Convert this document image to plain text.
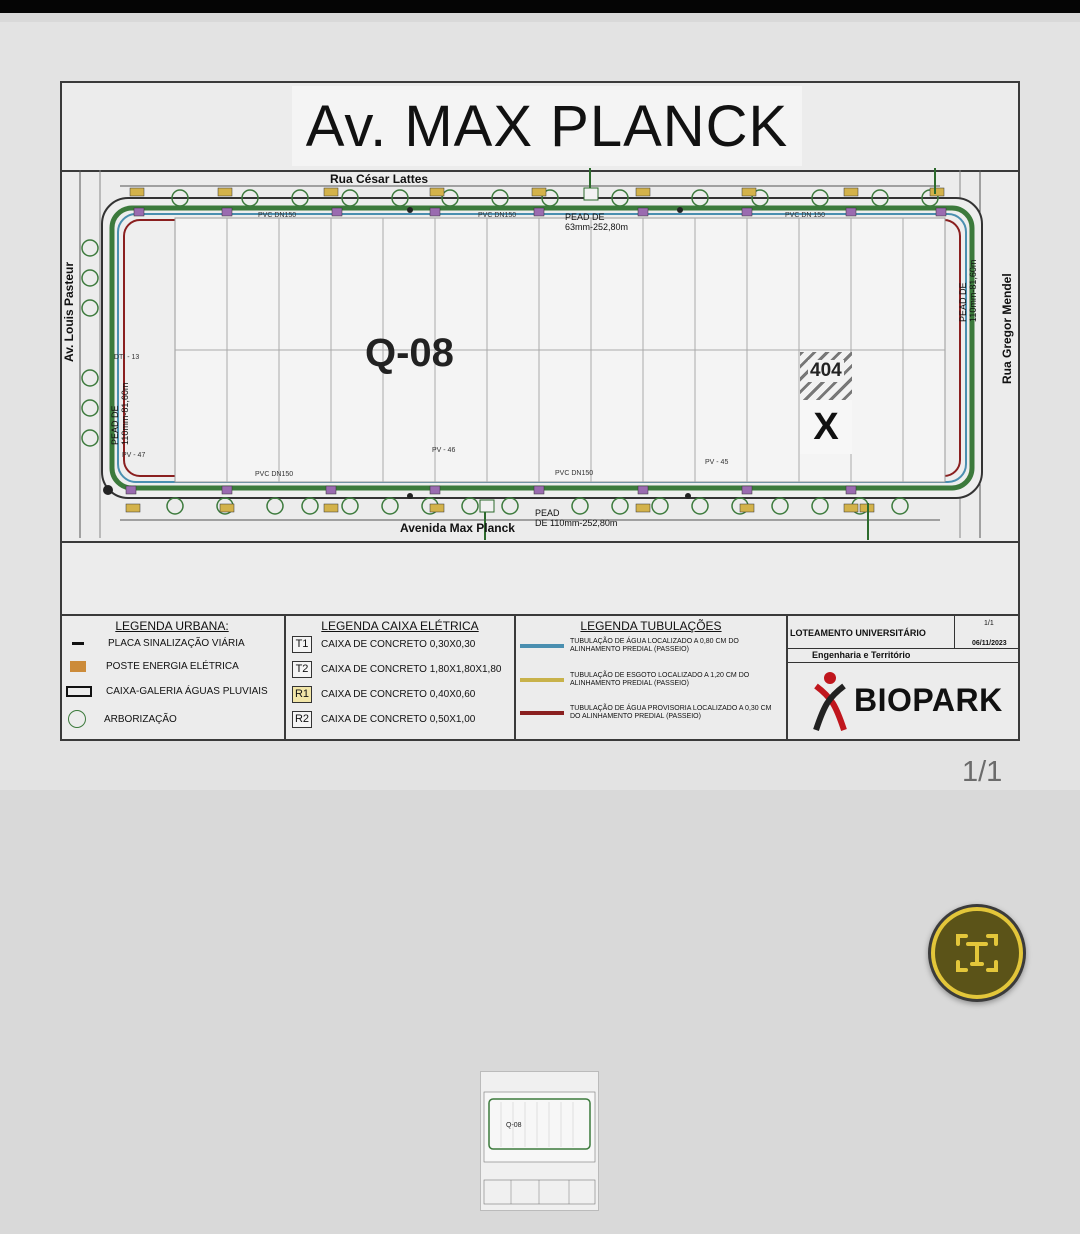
Av. MAX PLANCK
Rua César Lattes
Avenida Max Planck
Av. Louis Pasteur	Rua Gregor Mendel
PEAD DE
63mm-252,80m
PEAD
DE 110mm-252,80m
PEAD DE
110mm-81,60m
PEAD DE
110mm-81,60m
PVC DN150	PVC DN150	PVC DN 150
PVC DN150	PVC DN150
PV - 46
PV - 45
PV - 47
DTI - 13	Q-08	404
X
LEGENDA URBANA:
PLACA SINALIZAÇÃO VIÁRIA
POSTE ENERGIA ELÉTRICA
CAIXA-GALERIA ÁGUAS PLUVIAIS
ARBORIZAÇÃO
LEGENDA CAIXA ELÉTRICA
T1	CAIXA DE CONCRETO 0,30X0,30
T2	CAIXA DE CONCRETO 1,80X1,80X1,80
R1 CAIXA DE CONCRETO 0,40X0,60
R2 CAIXA DE CONCRETO 0,50X1,00
LEGENDA TUBULAÇÕES
TUBULAÇÃO DE ÁGUA LOCALIZADO A 0,80 CM DO ALINHAMENTO PREDIAL (PASSEIO)
TUBULAÇÃO DE ESGOTO LOCALIZADO A 1,20 CM DO ALINHAMENTO PREDIAL (PASSEIO)
TUBULAÇÃO DE ÁGUA PROVISORIA LOCALIZADO A 0,30 CM DO ALINHAMENTO PREDIAL (PASSEIO)
LOTEAMENTO UNIVERSITÁRIO
1/1
06/11/2023
Engenharia e Território
BIOPARK
1/1
Q-08
